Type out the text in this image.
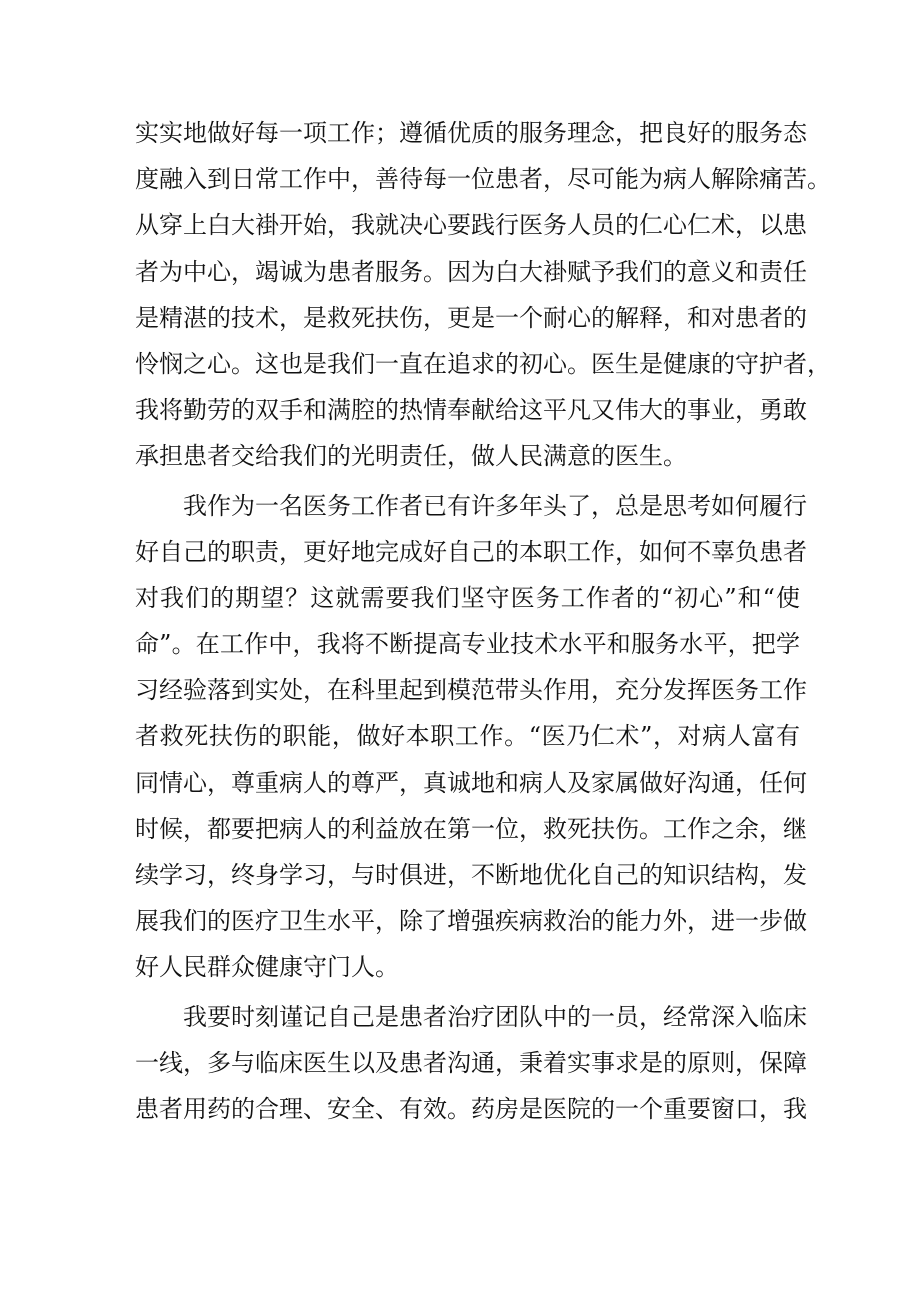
实实地做好每一项工作；遵循优质的服务理念，把良好的服务态
度融入到日常工作中，善待每一位患者，尽可能为病人解除痛苦。
从穿上白大褂开始，我就决心要践行医务人员的仁心仁术，以患
者为中心，竭诚为患者服务。因为白大褂赋予我们的意义和责任
是精湛的技术，是救死扶伤，更是一个耐心的解释，和对患者的
怜悯之心。这也是我们一直在追求的初心。医生是健康的守护者，
我将勤劳的双手和满腔的热情奉献给这平凡又伟大的事业，勇敢
承担患者交给我们的光明责任，做人民满意的医生。
　　我作为一名医务工作者已有许多年头了，总是思考如何履行
好自己的职责，更好地完成好自己的本职工作，如何不辜负患者
对我们的期望？这就需要我们坚守医务工作者的“初心”和“使
命”。在工作中，我将不断提高专业技术水平和服务水平，把学
习经验落到实处，在科里起到模范带头作用，充分发挥医务工作
者救死扶伤的职能，做好本职工作。“医乃仁术”，对病人富有
同情心，尊重病人的尊严，真诚地和病人及家属做好沟通，任何
时候，都要把病人的利益放在第一位，救死扶伤。工作之余，继
续学习，终身学习，与时俱进，不断地优化自己的知识结构，发
展我们的医疗卫生水平，除了增强疾病救治的能力外，进一步做
好人民群众健康守门人。
　　我要时刻谨记自己是患者治疗团队中的一员，经常深入临床
一线，多与临床医生以及患者沟通，秉着实事求是的原则，保障
患者用药的合理、安全、有效。药房是医院的一个重要窗口，我
